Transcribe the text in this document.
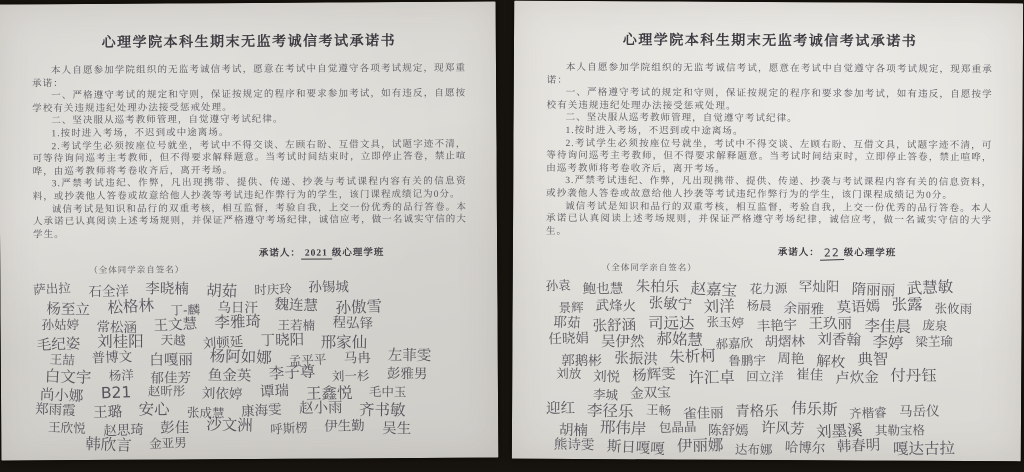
心理学院本科生期末无监考诚信考试承诺书

本人自愿参加学院组织的无监考诚信考试，愿意在考试中自觉遵守各项考试规定，现郑重承诺：

一、严格遵守考试的规定和守则，保证按规定的程序和要求参加考试，如有违反，自愿按学校有关违规违纪处理办法接受惩戒处理。

二、坚决服从巡考教师管理，自觉遵守考试纪律。

1.按时进入考场，不迟到或中途离场。

2.考试学生必须按座位号就坐，考试中不得交谈、左顾右盼、互借文具，试题字迹不清，可等待询问巡考主考教师，但不得要求解释题意。当考试时间结束时，立即停止答卷，禁止喧哗，由巡考教师将考卷收齐后，离开考场。

3.严禁考试违纪、作弊，凡出现携带、提供、传递、抄袭与考试课程内容有关的信息资料，或抄袭他人答卷或故意给他人抄袭等考试违纪作弊行为的学生，该门课程成绩记为0分。

诚信考试是知识和品行的双重考核，相互监督，考验自我，上交一份优秀的品行答卷。本人承诺已认真阅读上述考场规则，并保证严格遵守考场纪律，诚信应考，做一名诚实守信的大学生。

承诺人： 2021 级心理学班
（全体同学亲自签名）
萨出拉 石全洋 李晓楠 胡茹 时庆玲 孙锡城
杨至立 松格林 丁-麟 乌日汗 魏连慧 孙傲雪
孙姑婷 常松涵 王文慧 李雅琦 王若楠 程弘铎
毛纪姿 刘桂阳 天越 刘顿延 丁晓阳 邢家仙
王喆 普博文 白嘎丽 杨阿如娜 孟平平 马冉 左菲雯
白文宇 杨洋 郁佳芳 鱼金英 李子尊 刘一杉 彭雅男
尚小娜 B21 赵昕彤 刘依婷 谭瑞 王鑫悦 毛中玉
郑雨霞 王璐 安心 张成慧 康海雯 赵小雨 齐书敏
王欣悦 赵思琦 彭佳 沙文洲 呼斯楞 伊生勤 吴生
韩欣言 金亚男
心理学院本科生期末无监考诚信考试承诺书

本人自愿参加学院组织的无监考诚信考试，愿意在考试中自觉遵守各项考试规定，现郑重承诺：

一、严格遵守考试的规定和守则，保证按规定的程序和要求参加考试，如有违反，自愿按学校有关违规违纪处理办法接受惩戒处理。

二、坚决服从巡考教师管理，自觉遵守考试纪律。

1.按时进入考场，不迟到或中途离场。

2.考试学生必须按座位号就坐，考试中不得交谈、左顾右盼、互借文具，试题字迹不清，可等待询问巡考主考教师，但不得要求解释题意。当考试时间结束时，立即停止答卷，禁止喧哗，由巡考教师将考卷收齐后，离开考场。

3.严禁考试违纪、作弊，凡出现携带、提供、传递、抄袭与考试课程内容有关的信息资料，或抄袭他人答卷或故意给他人抄袭等考试违纪作弊行为的学生，该门课程成绩记为0分。

诚信考试是知识和品行的双重考核，相互监督，考验自我，上交一份优秀的品行答卷。本人承诺已认真阅读上述考场规则，并保证严格遵守考场纪律，诚信应考，做一名诚实守信的大学生。

承诺人： 22 级心理学班
（全体同学亲自签名）
孙袁 鲍也慧 朱柏乐 赵嘉宝 花力源 罕灿阳 隋丽丽 武慧敏
景辉 武烽火 张敏宁 刘洋 杨晨 余丽雅 莫语嫣 张露 张攸雨
耶茹 张舒涵 司远达 张玉婷 丰艳宇 王玖丽 李佳晨 庞泉
任晓娟 吴伊然 郝姳慧 郝嘉欣 胡熠林 刘香翰 李婷 梁芏瑜
郭鹅彬 张振洪 朱析柯 鲁鹏宇 周艳 解枚 典智
刘放 刘悦 杨辉雯 许汇卓 回立洋 崔佳 卢炊金 付丹钰
李城 金双宝
迎红 李径乐 王畅 雀佳丽 青格乐 伟乐斯 齐楷睿 马岳仪
胡楠 邢伟岸 包晶晶 陈舒嫣 许风芳 刘墨溪 其勒宝格
熊诗雯 斯日嘎嘎 伊丽娜 达布娜 哈博尔 韩春明 嘎达古拉
